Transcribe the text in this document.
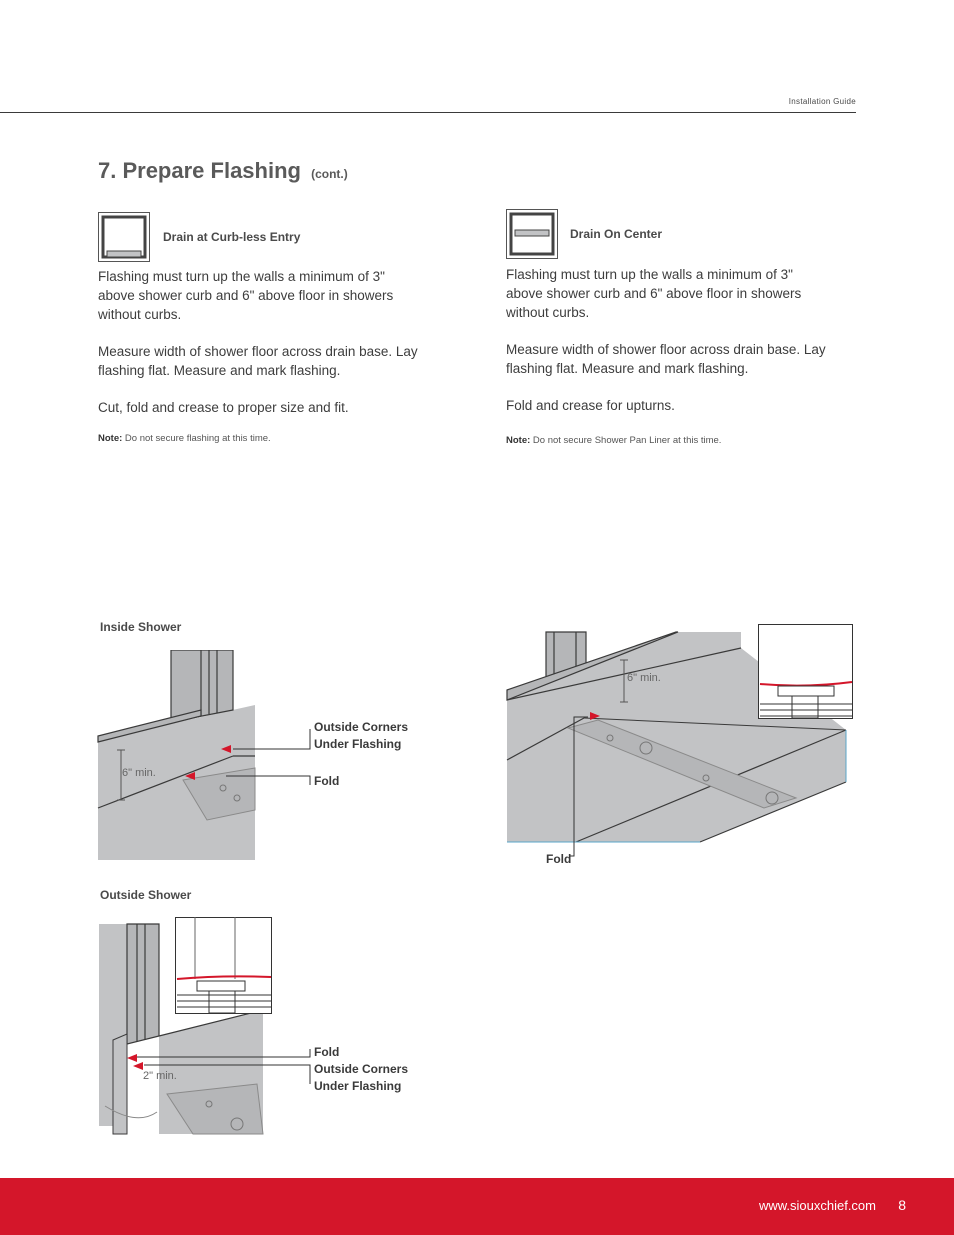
Installation Guide
7. Prepare Flashing (cont.)
Drain at Curb-less Entry

Flashing must turn up the walls a minimum of 3" above shower curb and 6" above floor in showers without curbs.

Measure width of shower floor across drain base. Lay flashing flat. Measure and mark flashing.

Cut, fold and crease to proper size and fit.

Note: Do not secure flashing at this time.
Drain On Center

Flashing must turn up the walls a minimum of 3" above shower curb and 6" above floor in showers without curbs.

Measure width of shower floor across drain base. Lay flashing flat. Measure and mark flashing.

Fold and crease for upturns.

Note: Do not secure Shower Pan Liner at this time.
Inside Shower
6" min.
Outside Corners
Under Flashing
Fold
Outside Shower
2" min.
Fold
Outside Corners
Under Flashing
6" min.
Fold
www.siouxchief.com 8
